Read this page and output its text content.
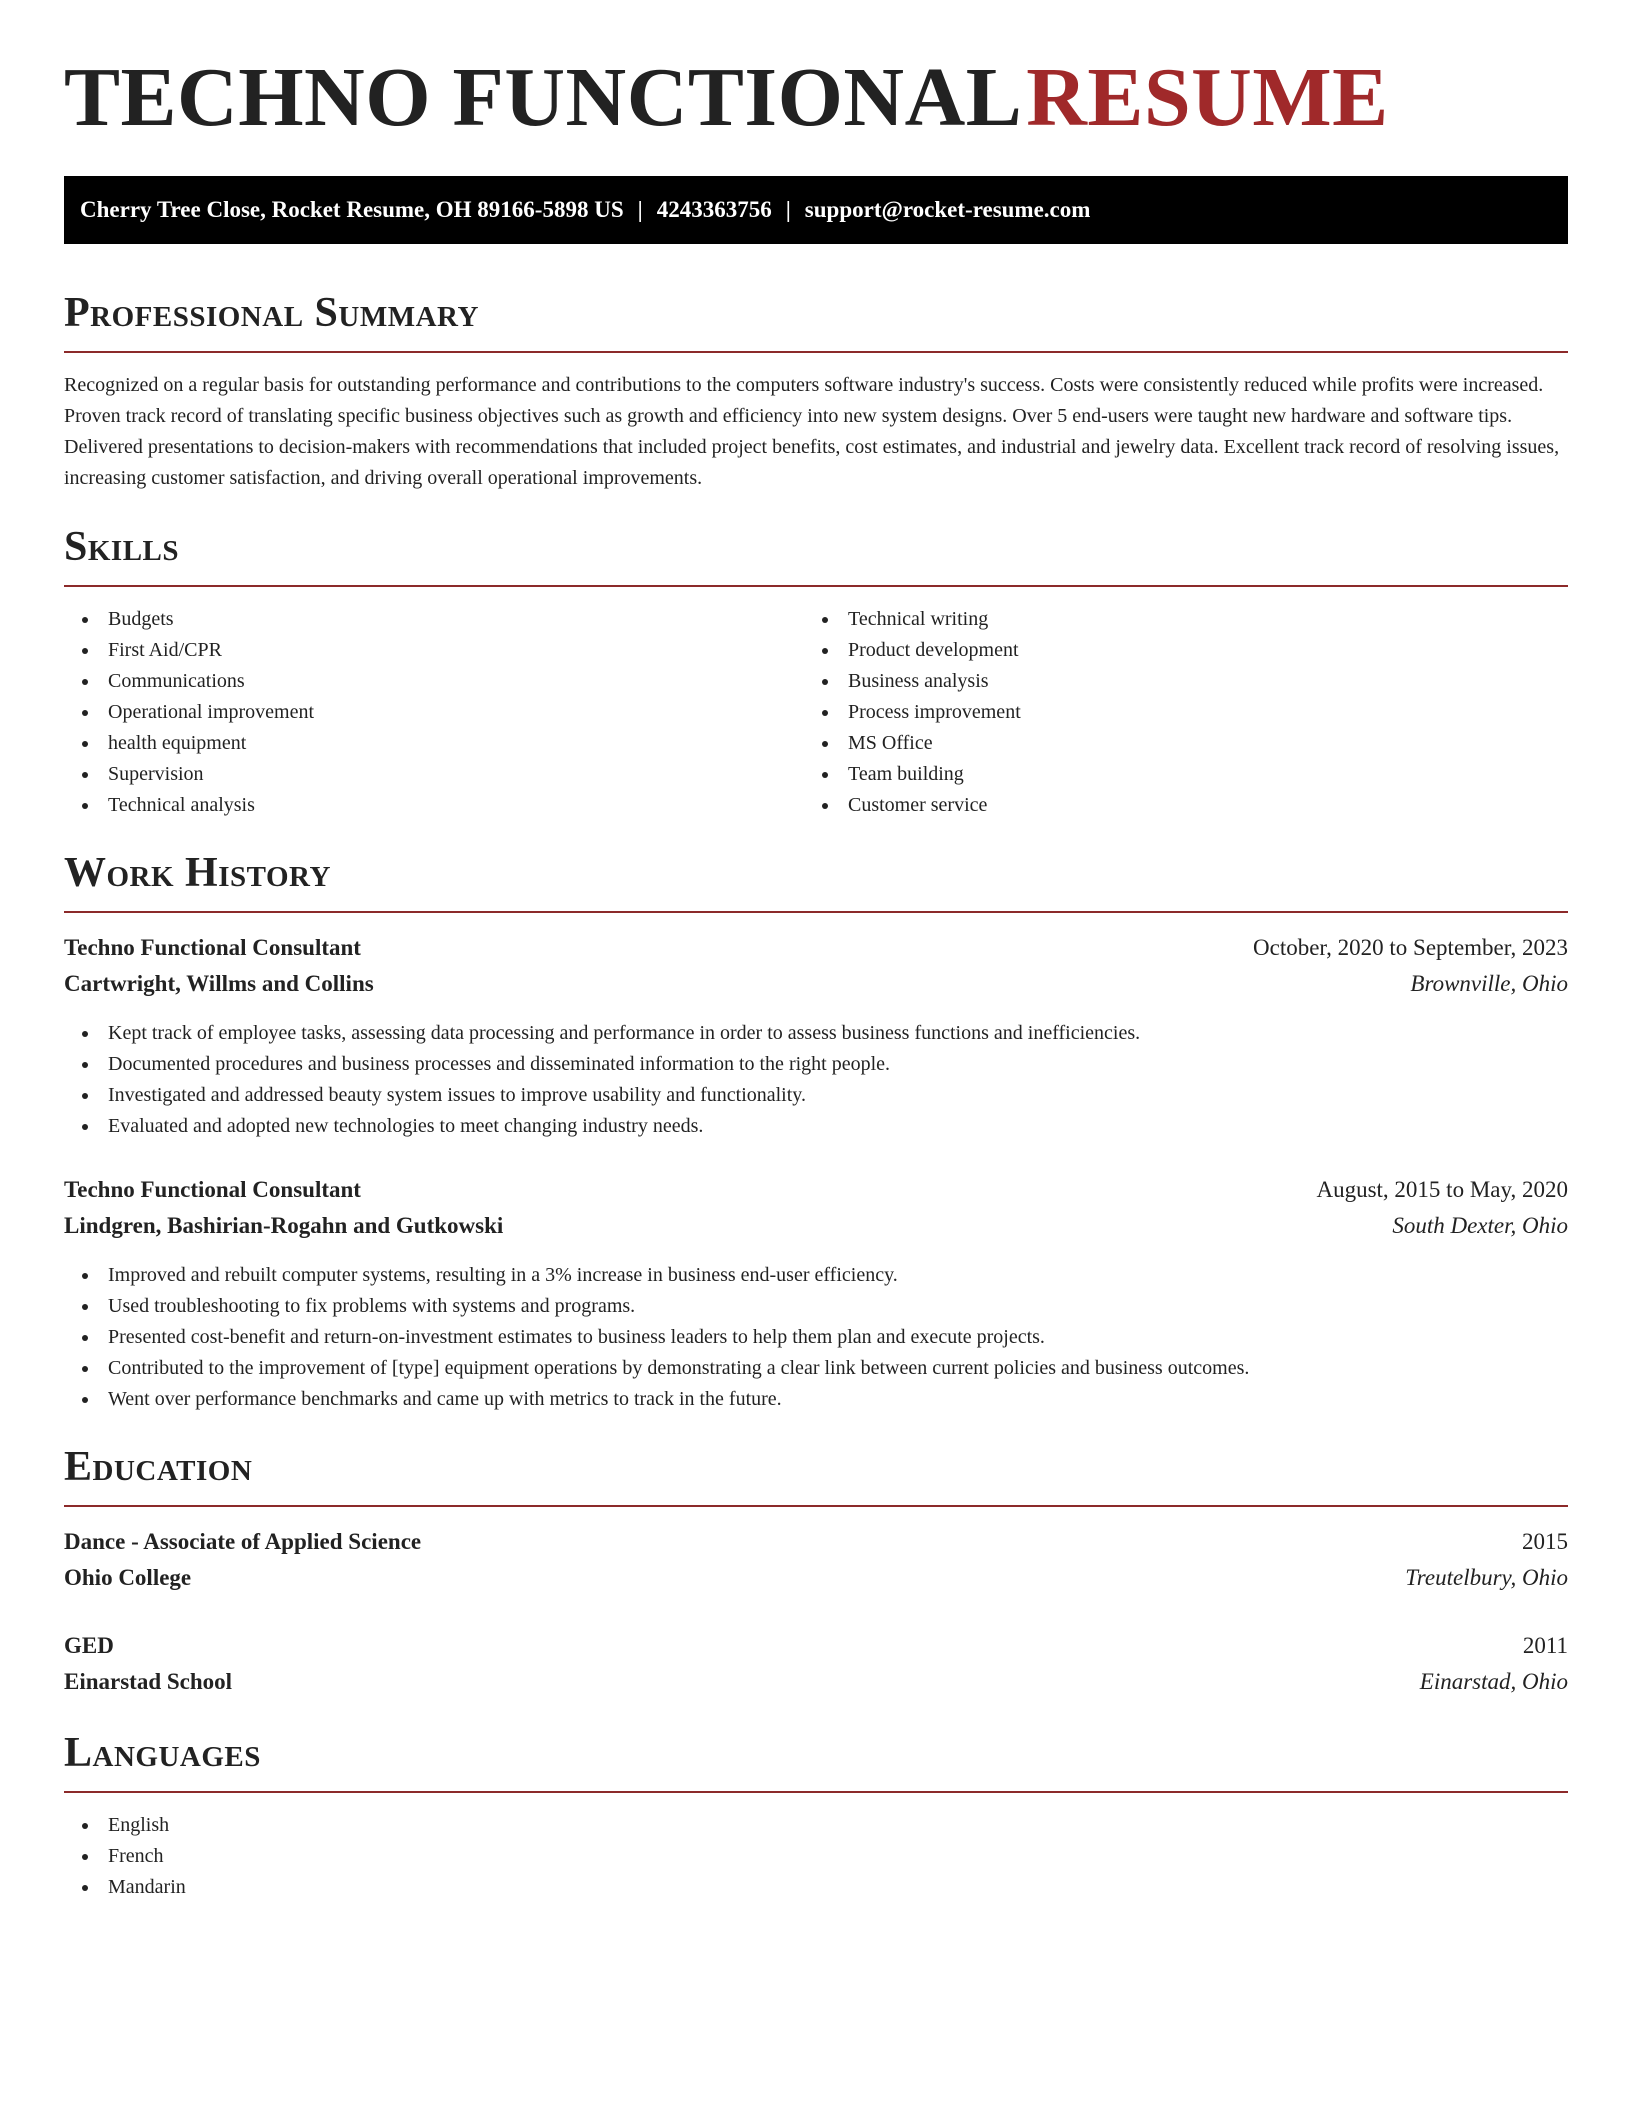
TECHNO FUNCTIONAL RESUME
Cherry Tree Close, Rocket Resume, OH 89166-5898 US | 4243363756 | support@rocket-resume.com
Professional Summary
Recognized on a regular basis for outstanding performance and contributions to the computers software industry's success. Costs were consistently reduced while profits were increased. Proven track record of translating specific business objectives such as growth and efficiency into new system designs. Over 5 end-users were taught new hardware and software tips. Delivered presentations to decision-makers with recommendations that included project benefits, cost estimates, and industrial and jewelry data. Excellent track record of resolving issues, increasing customer satisfaction, and driving overall operational improvements.
Skills
Budgets
First Aid/CPR
Communications
Operational improvement
health equipment
Supervision
Technical analysis
Technical writing
Product development
Business analysis
Process improvement
MS Office
Team building
Customer service
Work History
Techno Functional Consultant	October, 2020 to September, 2023
Cartwright, Willms and Collins	Brownville, Ohio
Kept track of employee tasks, assessing data processing and performance in order to assess business functions and inefficiencies.
Documented procedures and business processes and disseminated information to the right people.
Investigated and addressed beauty system issues to improve usability and functionality.
Evaluated and adopted new technologies to meet changing industry needs.
Techno Functional Consultant	August, 2015 to May, 2020
Lindgren, Bashirian-Rogahn and Gutkowski	South Dexter, Ohio
Improved and rebuilt computer systems, resulting in a 3% increase in business end-user efficiency.
Used troubleshooting to fix problems with systems and programs.
Presented cost-benefit and return-on-investment estimates to business leaders to help them plan and execute projects.
Contributed to the improvement of [type] equipment operations by demonstrating a clear link between current policies and business outcomes.
Went over performance benchmarks and came up with metrics to track in the future.
Education
Dance - Associate of Applied Science	2015
Ohio College	Treutelbury, Ohio
GED	2011
Einarstad School	Einarstad, Ohio
Languages
English
French
Mandarin
